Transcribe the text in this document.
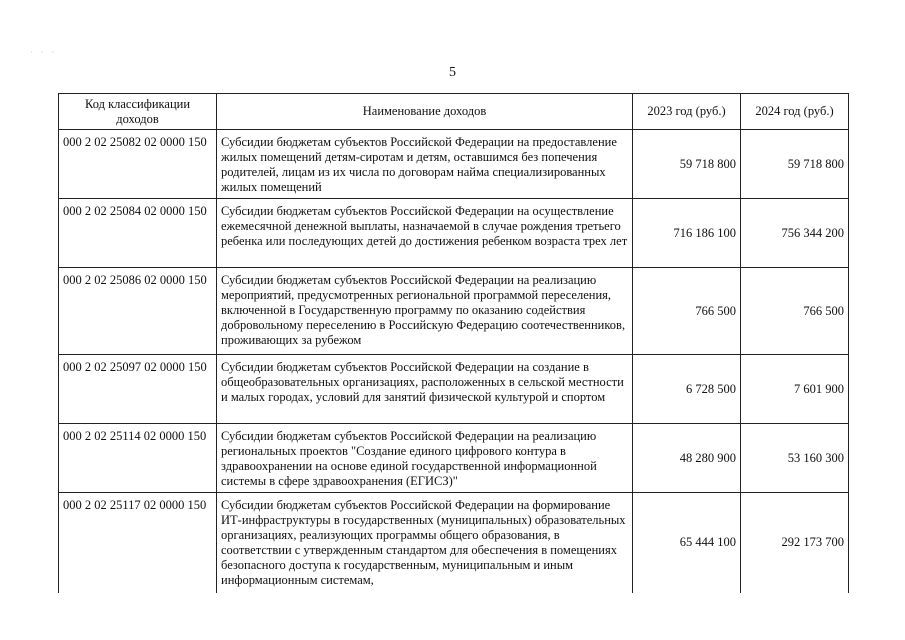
· · ·
5
Код классификации доходов	Наименование доходов	2023 год (руб.)	2024 год (руб.)
000 2 02 25082 02 0000 150	Субсидии бюджетам субъектов Российской Федерации на предоставление жилых помещений детям-сиротам и детям, оставшимся без попечения родителей, лицам из их числа по договорам найма специализированных жилых помещений	59 718 800	59 718 800
000 2 02 25084 02 0000 150	Субсидии бюджетам субъектов Российской Федерации на осуществление ежемесячной денежной выплаты, назначаемой в случае рождения третьего ребенка или последующих детей до достижения ребенком возраста трех лет	716 186 100	756 344 200
000 2 02 25086 02 0000 150	Субсидии бюджетам субъектов Российской Федерации на реализацию мероприятий, предусмотренных региональной программой переселения, включенной в Государственную программу по оказанию содействия добровольному переселению в Российскую Федерацию соотечественников, проживающих за рубежом	766 500	766 500
000 2 02 25097 02 0000 150	Субсидии бюджетам субъектов Российской Федерации на создание в общеобразовательных организациях, расположенных в сельской местности и малых городах, условий для занятий физической культурой и спортом	6 728 500	7 601 900
000 2 02 25114 02 0000 150	Субсидии бюджетам субъектов Российской Федерации на реализацию региональных проектов "Создание единого цифрового контура в здравоохранении на основе единой государственной информационной системы в сфере здравоохранения (ЕГИСЗ)"	48 280 900	53 160 300
000 2 02 25117 02 0000 150	Субсидии бюджетам субъектов Российской Федерации на формирование ИТ-инфраструктуры в государственных (муниципальных) образовательных организациях, реализующих программы общего образования, в соответствии с утвержденным стандартом для обеспечения в помещениях безопасного доступа к государственным, муниципальным и иным информационным системам,	65 444 100	292 173 700
